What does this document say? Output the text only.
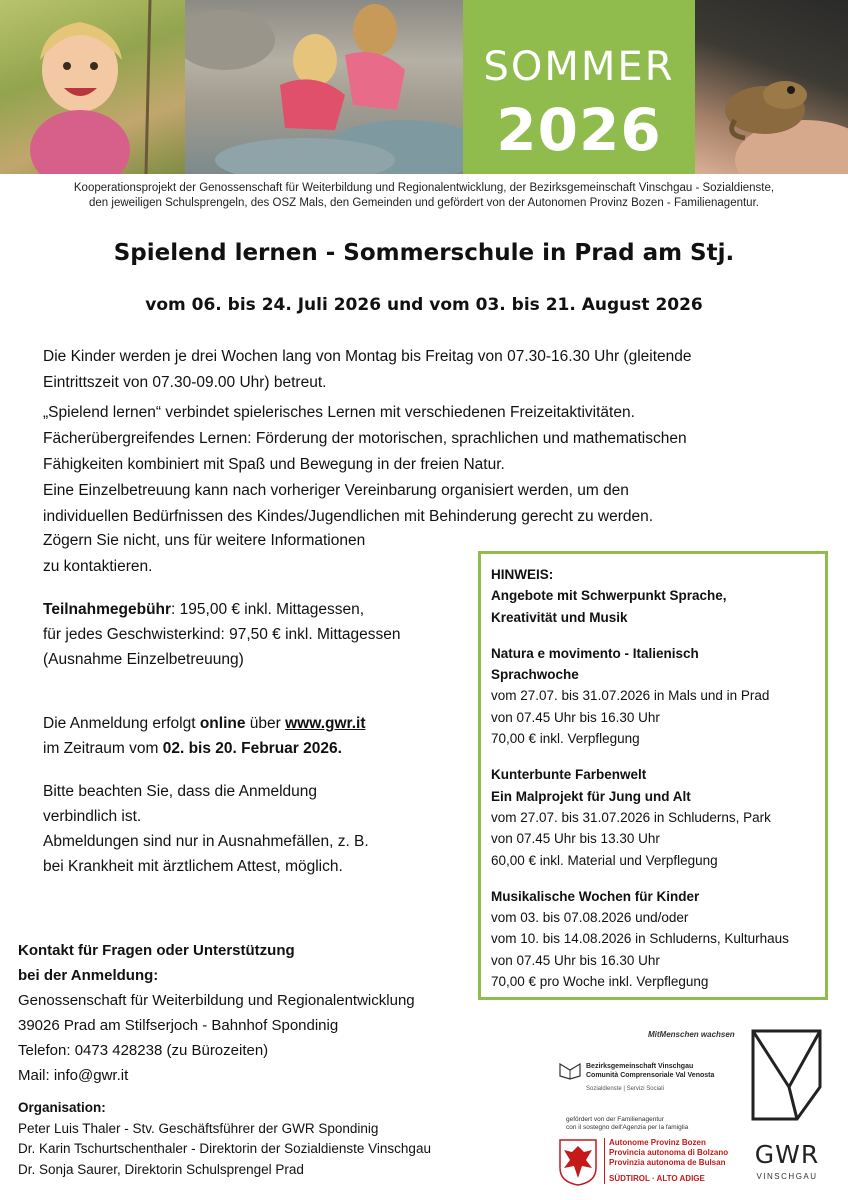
SOMMER
2026
Kooperationsprojekt der Genossenschaft für Weiterbildung und Regionalentwicklung, der Bezirksgemeinschaft Vinschgau - Sozialdienste,
den jeweiligen Schulsprengeln, des OSZ Mals, den Gemeinden und gefördert von der Autonomen Provinz Bozen - Familienagentur.
Spielend lernen - Sommerschule in Prad am Stj.
vom 06. bis 24. Juli 2026 und vom 03. bis 21. August 2026
Die Kinder werden je drei Wochen lang von Montag bis Freitag von 07.30-16.30 Uhr (gleitende
Eintrittszeit von 07.30-09.00 Uhr) betreut.
„Spielend lernen“ verbindet spielerisches Lernen mit verschiedenen Freizeitaktivitäten.
Fächerübergreifendes Lernen: Förderung der motorischen, sprachlichen und mathematischen
Fähigkeiten kombiniert mit Spaß und Bewegung in der freien Natur.
Eine Einzelbetreuung kann nach vorheriger Vereinbarung organisiert werden, um den
individuellen Bedürfnissen des Kindes/Jugendlichen mit Behinderung gerecht zu werden.
Zögern Sie nicht, uns für weitere Informationen
zu kontaktieren.
Teilnahmegebühr: 195,00 € inkl. Mittagessen,
für jedes Geschwisterkind: 97,50 € inkl. Mittagessen
(Ausnahme Einzelbetreuung)
Die Anmeldung erfolgt online über www.gwr.it
im Zeitraum vom 02. bis 20. Februar 2026.
Bitte beachten Sie, dass die Anmeldung
verbindlich ist.
Abmeldungen sind nur in Ausnahmefällen, z. B.
bei Krankheit mit ärztlichem Attest, möglich.
HINWEIS:
Angebote mit Schwerpunkt Sprache,
Kreativität und Musik
Natura e movimento - Italienisch
Sprachwoche
vom 27.07. bis 31.07.2026 in Mals und in Prad
von 07.45 Uhr bis 16.30 Uhr
70,00 € inkl. Verpflegung
Kunterbunte Farbenwelt
Ein Malprojekt für Jung und Alt
vom 27.07. bis 31.07.2026 in Schluderns, Park
von 07.45 Uhr bis 13.30 Uhr
60,00 € inkl. Material und Verpflegung
Musikalische Wochen für Kinder
vom 03. bis 07.08.2026 und/oder
vom 10. bis 14.08.2026 in Schluderns, Kulturhaus
von 07.45 Uhr bis 16.30 Uhr
70,00 € pro Woche inkl. Verpflegung
Kontakt für Fragen oder Unterstützung
bei der Anmeldung:
Genossenschaft für Weiterbildung und Regionalentwicklung
39026 Prad am Stilfserjoch - Bahnhof Spondinig
Telefon: 0473 428238 (zu Bürozeiten)
Mail: info@gwr.it
Organisation:
Peter Luis Thaler - Stv. Geschäftsführer der GWR Spondinig
Dr. Karin Tschurtschenthaler - Direktorin der Sozialdienste Vinschgau
Dr. Sonja Saurer, Direktorin Schulsprengel Prad
MitMenschen wachsen
Bezirksgemeinschaft Vinschgau
Comunità Comprensoriale Val Venosta
Sozialdienste | Servizi Sociali
gefördert von der Familienagentur
con il sostegno dell'Agenzia per la famiglia
Autonome Provinz Bozen
Provincia autonoma di Bolzano
Provinzia autonoma de Bulsan
SÜDTIROL · ALTO ADIGE
GWR
VINSCHGAU
